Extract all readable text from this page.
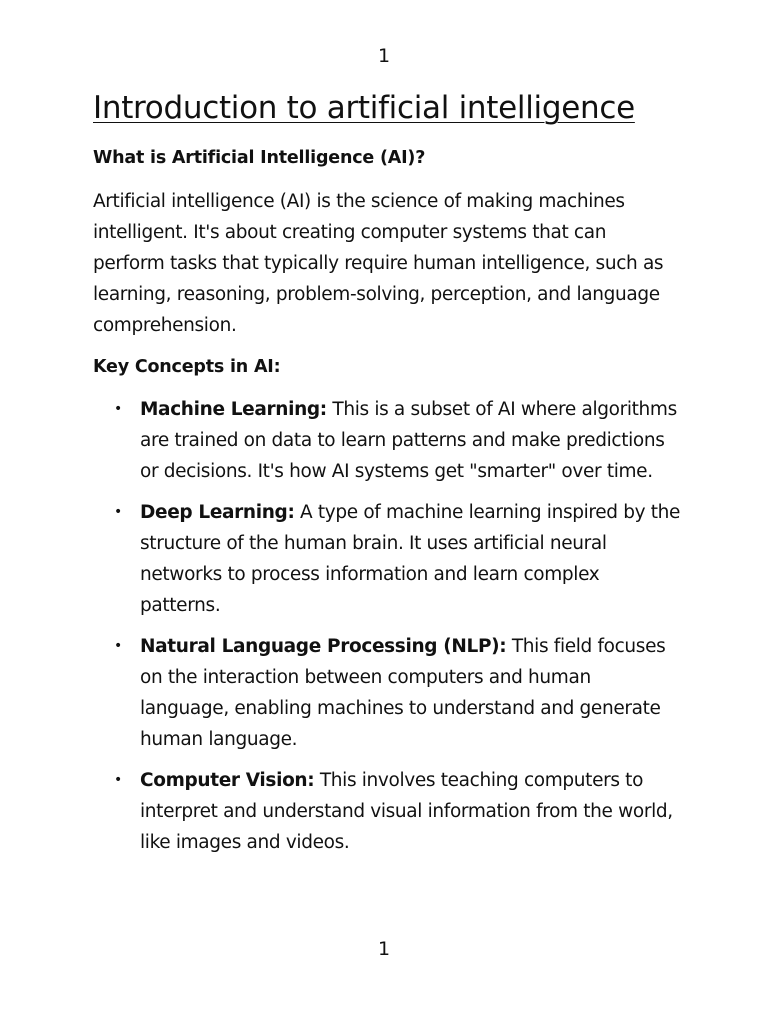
1
Introduction to artificial intelligence
What is Artificial Intelligence (AI)?

Artificial intelligence (AI) is the science of making machines intelligent. It's about creating computer systems that can perform tasks that typically require human intelligence, such as learning, reasoning, problem-solving, perception, and language comprehension.

Key Concepts in AI:
• Machine Learning: This is a subset of AI where algorithms are trained on data to learn patterns and make predictions or decisions. It's how AI systems get "smarter" over time.
• Deep Learning: A type of machine learning inspired by the structure of the human brain. It uses artificial neural networks to process information and learn complex patterns.
• Natural Language Processing (NLP): This field focuses on the interaction between computers and human language, enabling machines to understand and generate human language.
• Computer Vision: This involves teaching computers to interpret and understand visual information from the world, like images and videos.
1
